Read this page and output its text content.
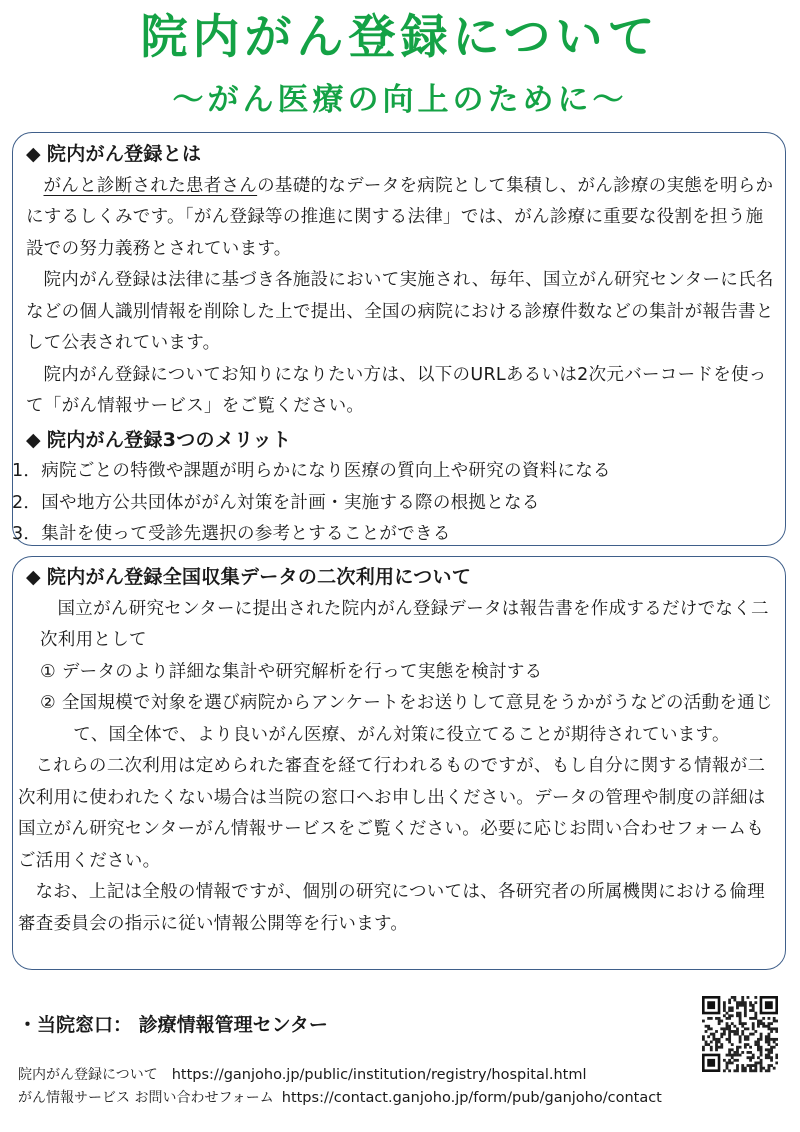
院内がん登録について
〜がん医療の向上のために〜
◆ 院内がん登録とは

がんと診断された患者さんの基礎的なデータを病院として集積し、がん診療の実態を明らかにするしくみです。「がん登録等の推進に関する法律」では、がん診療に重要な役割を担う施設での努力義務とされています。

院内がん登録は法律に基づき各施設において実施され、毎年、国立がん研究センターに氏名などの個人識別情報を削除した上で提出、全国の病院における診療件数などの集計が報告書として公表されています。

院内がん登録についてお知りになりたい方は、以下のURLあるいは2次元バーコードを使って「がん情報サービス」をご覧ください。

◆ 院内がん登録3つのメリット

1．病院ごとの特徴や課題が明らかになり医療の質向上や研究の資料になる

2．国や地方公共団体ががん対策を計画・実施する際の根拠となる

3．集計を使って受診先選択の参考とすることができる

◆ 院内がん登録全国収集データの二次利用について

国立がん研究センターに提出された院内がん登録データは報告書を作成するだけでなく二次利用として

① データのより詳細な集計や研究解析を行って実態を検討する

② 全国規模で対象を選び病院からアンケートをお送りして意見をうかがうなどの活動を通じて、国全体で、より良いがん医療、がん対策に役立てることが期待されています。

これらの二次利用は定められた審査を経て行われるものですが、もし自分に関する情報が二次利用に使われたくない場合は当院の窓口へお申し出ください。データの管理や制度の詳細は国立がん研究センターがん情報サービスをご覧ください。必要に応じお問い合わせフォームもご活用ください。

なお、上記は全般の情報ですが、個別の研究については、各研究者の所属機関における倫理審査委員会の指示に従い情報公開等を行います。

・当院窓口： 診療情報管理センター
院内がん登録について https://ganjoho.jp/public/institution/registry/hospital.html
がん情報サービス お問い合わせフォーム https://contact.ganjoho.jp/form/pub/ganjoho/contact
